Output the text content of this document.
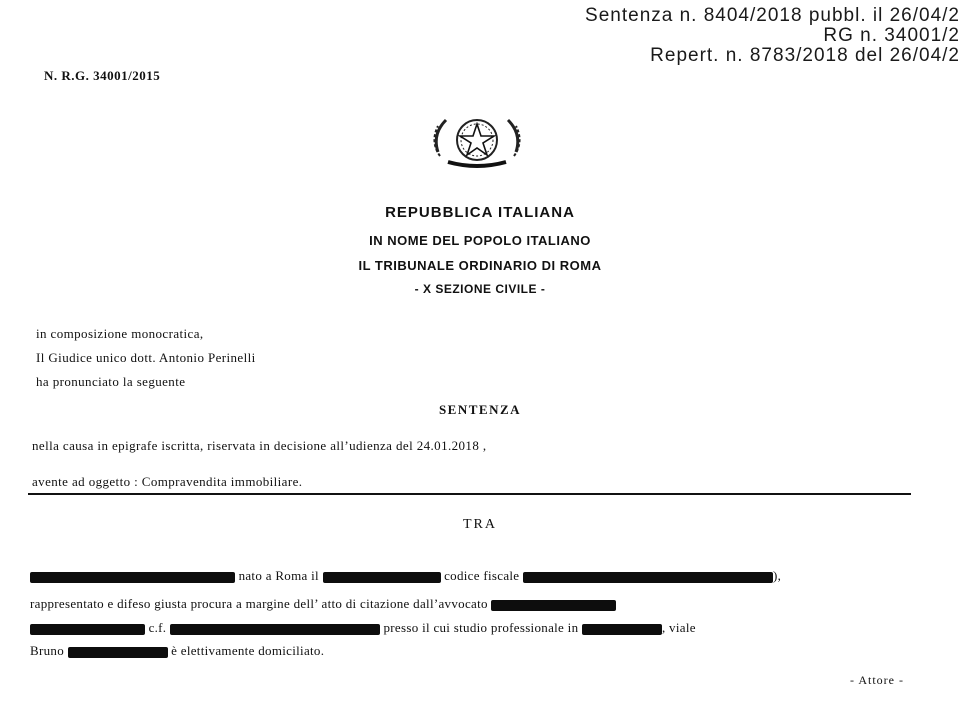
Sentenza n. 8404/2018 pubbl. il 26/04/2
RG n. 34001/2
Repert. n. 8783/2018 del 26/04/2
N. R.G. 34001/2015
REPUBBLICA ITALIANA
IN NOME DEL POPOLO ITALIANO
IL TRIBUNALE ORDINARIO DI ROMA
- X SEZIONE CIVILE -
in composizione monocratica,
Il Giudice unico dott. Antonio Perinelli
ha pronunciato la seguente
SENTENZA
nella causa in epigrafe iscritta, riservata in decisione all’udienza del 24.01.2018 ,
avente ad oggetto : Compravendita immobiliare.
TRA
nato a Roma il	codice fiscale	),
rappresentato e difeso giusta procura a margine dell’ atto di citazione dall’avvocato
c.f.	presso il cui studio professionale in	, viale
Bruno	è elettivamente domiciliato.
- Attore -
